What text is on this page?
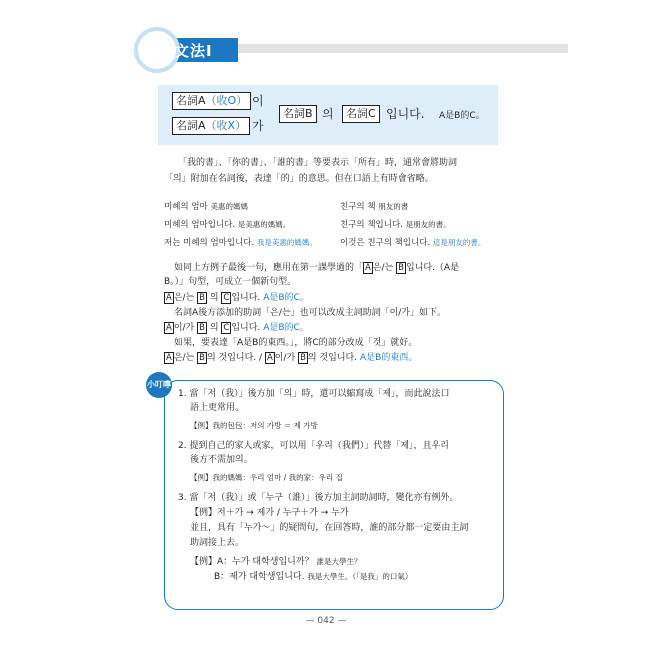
文法Ⅰ
名詞A（收O） 이
名詞A（收X） 가
名詞B 의	名詞C 입니다. A是B的C。
「我的書」、「你的書」、「誰的書」等要表示「所有」時，通常會將助詞
「의」附加在名詞後，表達「的」的意思。但在口語上有時會省略。
미혜의 엄마 美惠的媽媽	친구의 책 朋友的書
미혜의 엄마입니다. 是美惠的媽媽。	친구의 책입니다. 是朋友的書。
저는 미혜의 엄마입니다. 我是美惠的媽媽。	이것은 친구의 책입니다. 這是朋友的書。
如同上方例子最後一句，應用在第一課學過的「 A 은/는 B 입니다.（A是
B。）」句型，可成立一個新句型。
A 은/는 B 의 C 입니다. A是B的C。
名詞A後方添加的助詞「은/는」也可以改成主詞助詞「이/가」如下。
A 이/가 B 의 C 입니다. A是B的C。
如果，要表達「A是B的東西。」，將C的部分改成「것」就好。
A 은/는 B 의 것입니다. / A 이/가 B 의 것입니다. A是B的東西。
小叮嚀
1. 當「저（我）」後方加「의」時，還可以縮寫成「제」，而此說法口
語上更常用。
【例】我的包包：저의 가방 ＝ 제 가방
2. 提到自己的家人或家，可以用「우리（我們）」代替「제」，且우리
後方不需加의。
【例】我的媽媽：우리 엄마 / 我的家：우리 집
3. 當「저（我）」或「누구（誰）」後方加主詞助詞時，變化亦有例外。
【例】저＋가 → 제가 / 누구＋가 → 누가
並且，具有「누가～」的疑問句，在回答時，誰的部分都一定要由主詞
助詞接上去。
【例】A：누가 대학생입니까？ 誰是大學生？
B：제가 대학생입니다. 我是大學生。（「是我」的口氣）
— 042 —
